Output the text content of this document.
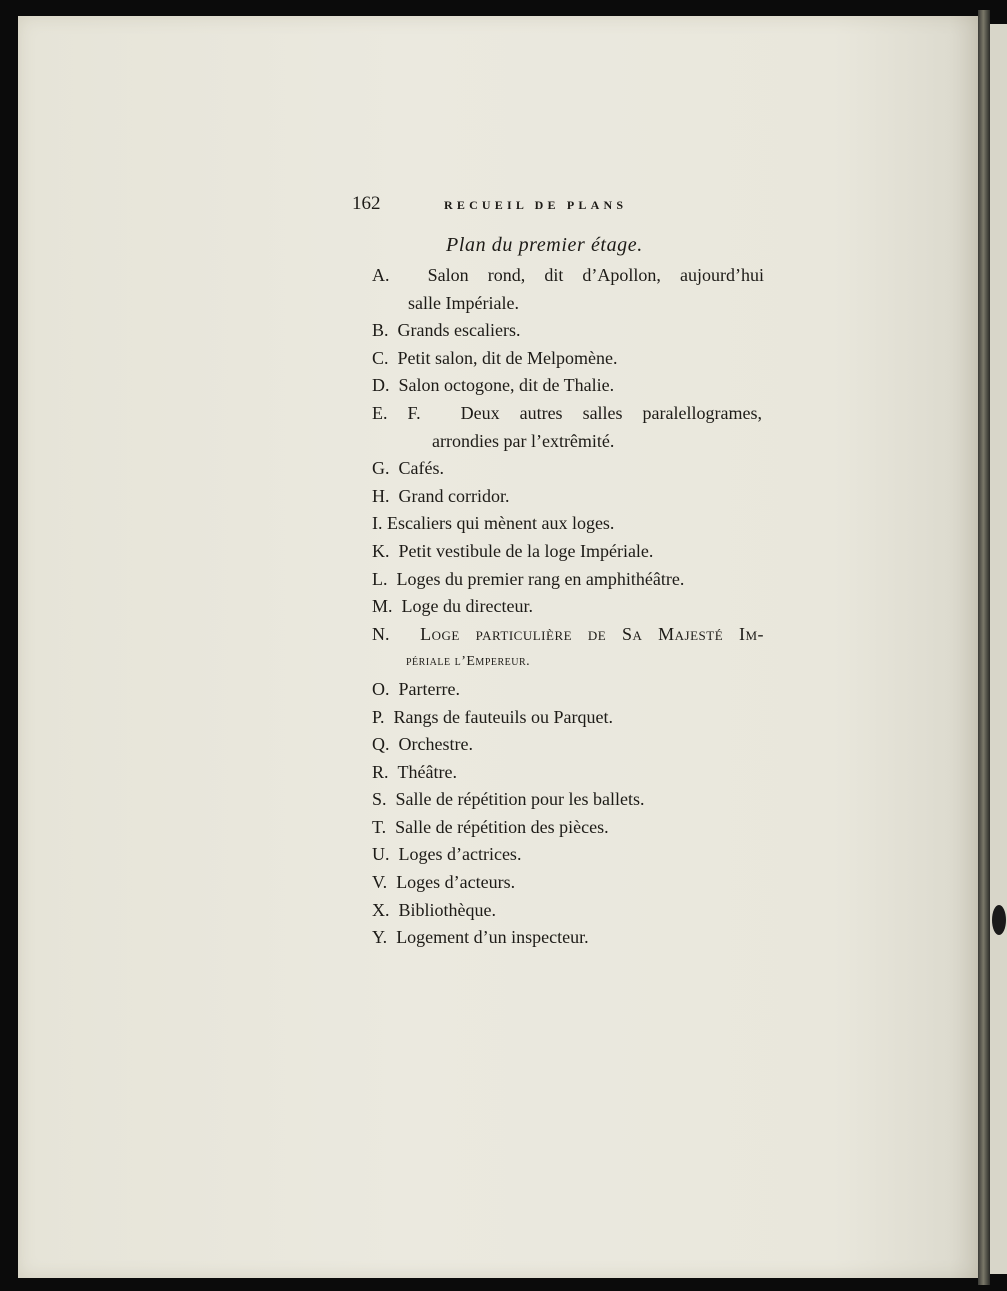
162	RECUEIL DE PLANS
Plan du premier étage.
A. Salon rond, dit d’Apollon, aujourd’hui
salle Impériale.
B. Grands escaliers.
C. Petit salon, dit de Melpomène.
D. Salon octogone, dit de Thalie.
E. F. Deux autres salles paralellogrames,
arrondies par l’extrêmité.
G. Cafés.
H. Grand corridor.
I. Escaliers qui mènent aux loges.
K. Petit vestibule de la loge Impériale.
L. Loges du premier rang en amphithéâtre.
M. Loge du directeur.
N. Loge particulière de Sa Majesté Im-
périale l’Empereur.
O. Parterre.
P. Rangs de fauteuils ou Parquet.
Q. Orchestre.
R. Théâtre.
S. Salle de répétition pour les ballets.
T. Salle de répétition des pièces.
U. Loges d’actrices.
V. Loges d’acteurs.
X. Bibliothèque.
Y. Logement d’un inspecteur.
